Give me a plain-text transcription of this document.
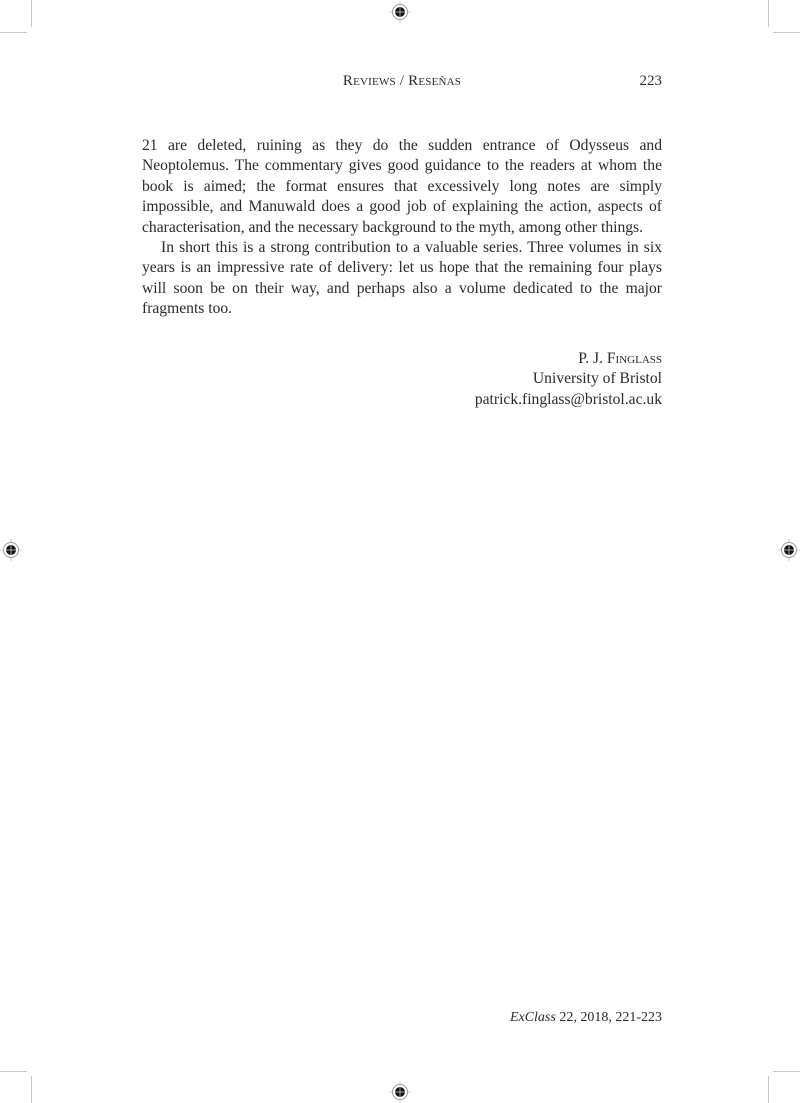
Reviews / Reseñas	223

21 are deleted, ruining as they do the sudden entrance of Odysseus and Neoptolemus. The commentary gives good guidance to the readers at whom the book is aimed; the format ensures that excessively long notes are simply impossible, and Manuwald does a good job of explaining the action, aspects of characterisation, and the necessary background to the myth, among other things.

In short this is a strong contribution to a valuable series. Three volumes in six years is an impressive rate of delivery: let us hope that the remaining four plays will soon be on their way, and perhaps also a volume dedicated to the major fragments too.

P. J. Finglass
University of Bristol
patrick.finglass@bristol.ac.uk
ExClass 22, 2018, 221-223
